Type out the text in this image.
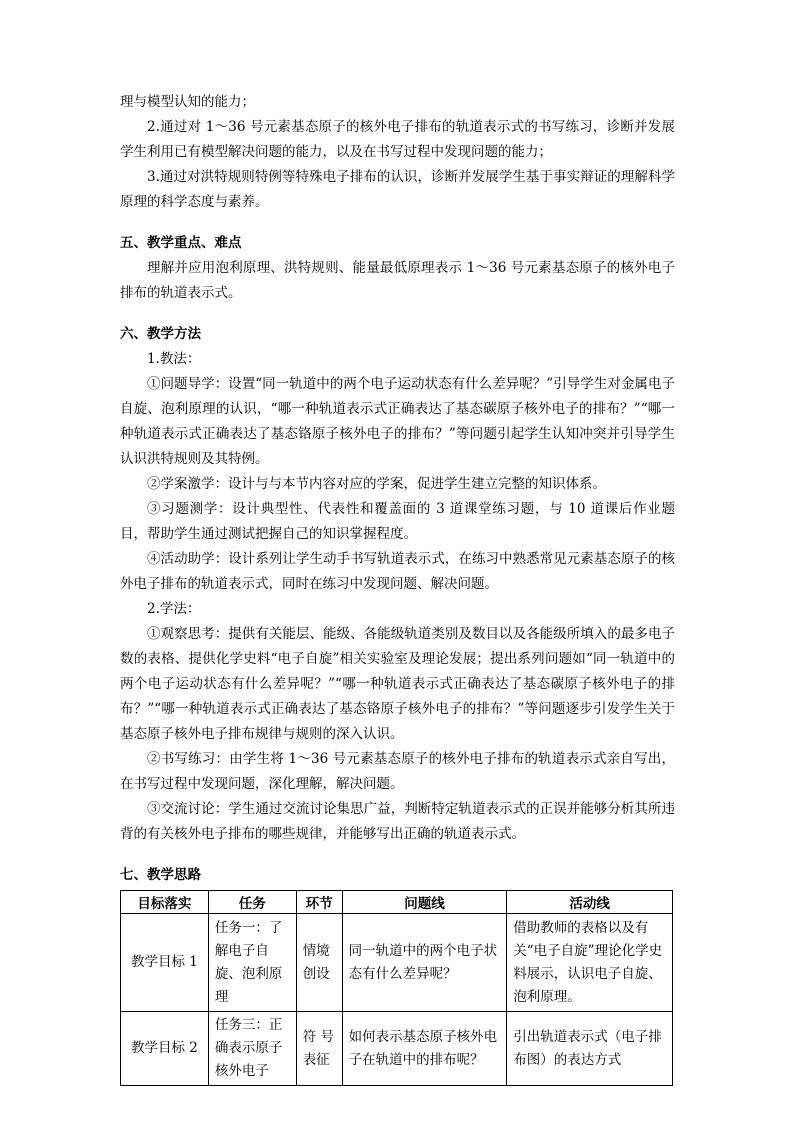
理与模型认知的能力；

2.通过对 1～36 号元素基态原子的核外电子排布的轨道表示式的书写练习，诊断并发展学生利用已有模型解决问题的能力，以及在书写过程中发现问题的能力；

3.通过对洪特规则特例等特殊电子排布的认识，诊断并发展学生基于事实辩证的理解科学原理的科学态度与素养。

五、教学重点、难点

理解并应用泡利原理、洪特规则、能量最低原理表示 1～36 号元素基态原子的核外电子排布的轨道表示式。

六、教学方法

1.教法：

①问题导学：设置“同一轨道中的两个电子运动状态有什么差异呢？”引导学生对金属电子自旋、泡利原理的认识，“哪一种轨道表示式正确表达了基态碳原子核外电子的排布？”“哪一种轨道表示式正确表达了基态铬原子核外电子的排布？”等问题引起学生认知冲突并引导学生认识洪特规则及其特例。

②学案激学：设计与与本节内容对应的学案，促进学生建立完整的知识体系。

③习题测学：设计典型性、代表性和覆盖面的 3 道课堂练习题，与 10 道课后作业题目，帮助学生通过测试把握自己的知识掌握程度。

④活动助学：设计系列让学生动手书写轨道表示式，在练习中熟悉常见元素基态原子的核外电子排布的轨道表示式，同时在练习中发现问题、解决问题。

2.学法：

①观察思考：提供有关能层、能级、各能级轨道类别及数目以及各能级所填入的最多电子数的表格、提供化学史料“电子自旋”相关实验室及理论发展；提出系列问题如“同一轨道中的两个电子运动状态有什么差异呢？”“哪一种轨道表示式正确表达了基态碳原子核外电子的排布？”“哪一种轨道表示式正确表达了基态铬原子核外电子的排布？”等问题逐步引发学生关于基态原子核外电子排布规律与规则的深入认识。

②书写练习：由学生将 1～36 号元素基态原子的核外电子排布的轨道表示式亲自写出，在书写过程中发现问题，深化理解，解决问题。

③交流讨论：学生通过交流讨论集思广益，判断特定轨道表示式的正误并能够分析其所违背的有关核外电子排布的哪些规律，并能够写出正确的轨道表示式。

七、教学思路

目标落实	任务	环节	问题线	活动线
教学目标 1	任务一：了解电子自旋、泡利原理	情境创设	同一轨道中的两个电子状态有什么差异呢？	借助教师的表格以及有关“电子自旋”理论化学史料展示，认识电子自旋、泡利原理。
教学目标 2	任务三：正确表示原子核外电子	符 号表征	如何表示基态原子核外电子在轨道中的排布呢？	引出轨道表示式（电子排布图）的表达方式
